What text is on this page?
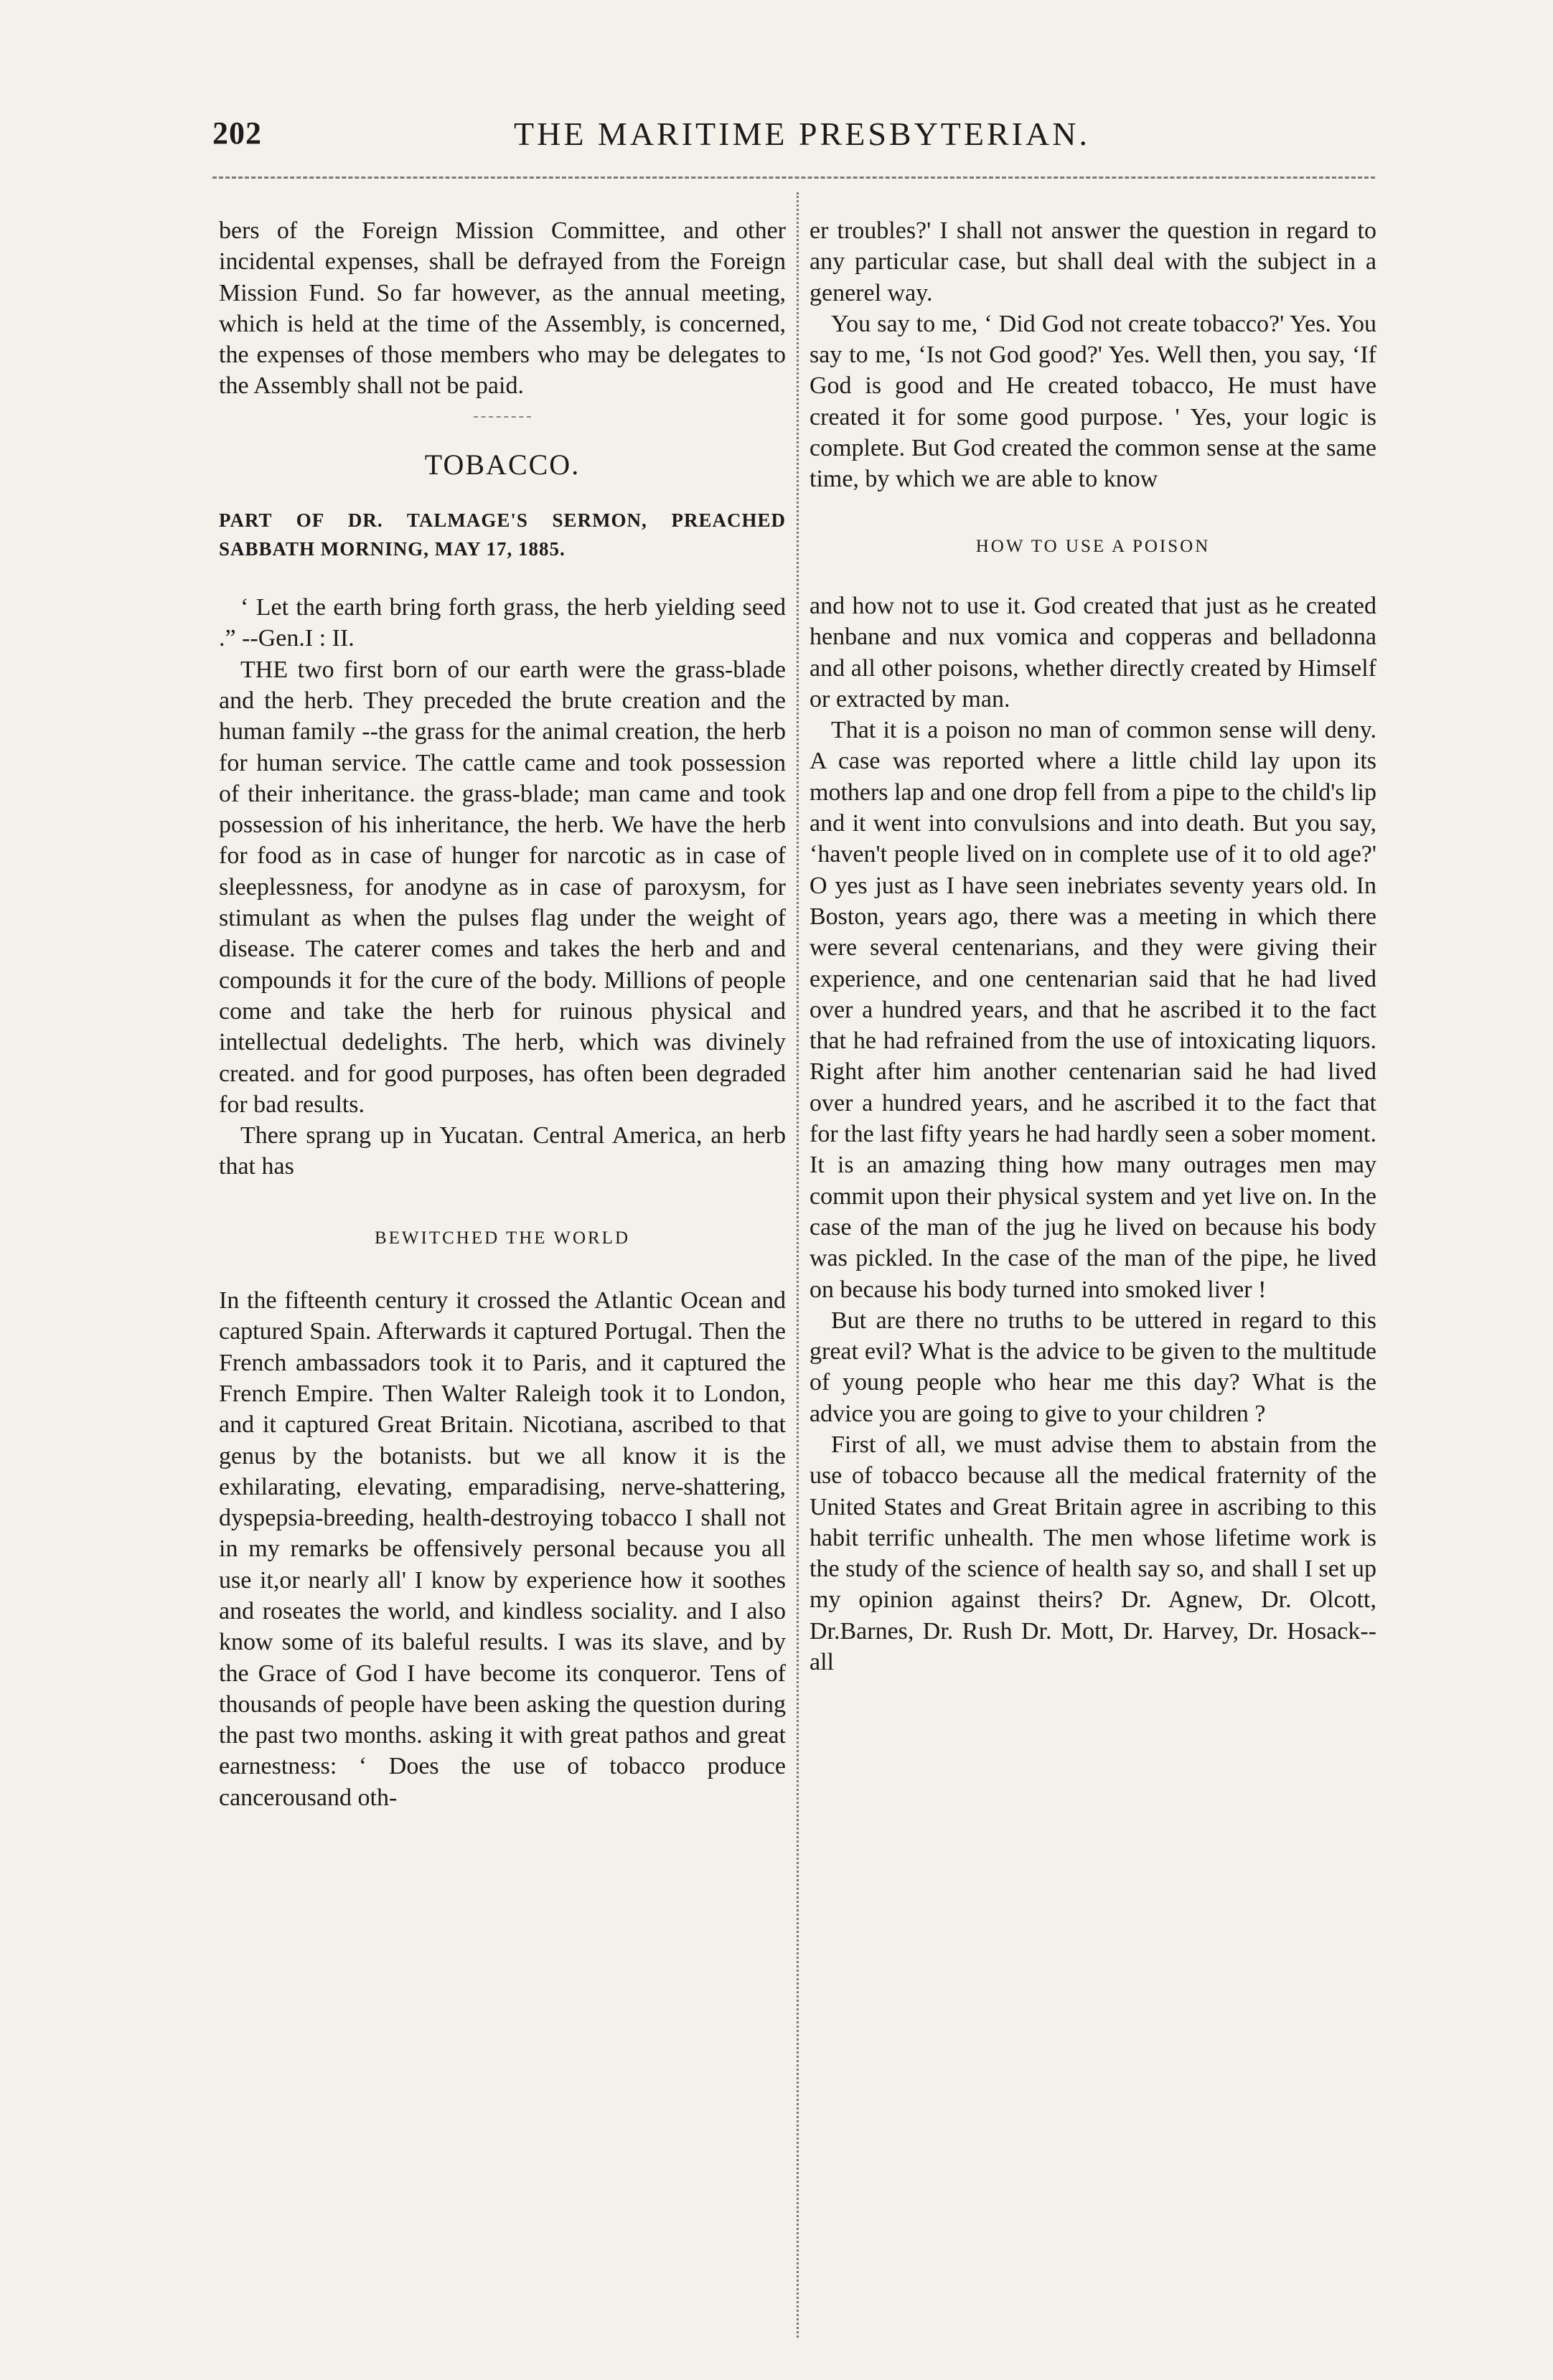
202	THE MARITIME PRESBYTERIAN.

bers of the Foreign Mission Committee, and other incidental expenses, shall be defrayed from the Foreign Mission Fund. So far however, as the annual meeting, which is held at the time of the Assembly, is concerned, the expenses of those members who may be delegates to the Assembly shall not be paid.

TOBACCO.

PART OF DR. TALMAGE'S SERMON, PREACHED SABBATH MORNING, MAY 17, 1885.

‘ Let the earth bring forth grass, the herb yielding seed .” --Gen.I : II.

THE two first born of our earth were the grass-blade and the herb. They preceded the brute creation and the human family --the grass for the animal creation, the herb for human service. The cattle came and took possession of their inheritance. the grass-blade; man came and took possession of his inheritance, the herb. We have the herb for food as in case of hunger for narcotic as in case of sleeplessness, for anodyne as in case of paroxysm, for stimulant as when the pulses flag under the weight of disease. The caterer comes and takes the herb and and compounds it for the cure of the body. Millions of people come and take the herb for ruinous physical and intellectual dedelights. The herb, which was divinely created. and for good purposes, has often been degraded for bad results.

There sprang up in Yucatan. Central America, an herb that has

BEWITCHED THE WORLD

In the fifteenth century it crossed the Atlantic Ocean and captured Spain. Afterwards it captured Portugal. Then the French ambassadors took it to Paris, and it captured the French Empire. Then Walter Raleigh took it to London, and it captured Great Britain. Nicotiana, ascribed to that genus by the botanists. but we all know it is the exhilarating, elevating, emparadising, nerve-shattering, dyspepsia-breeding, health-destroying tobacco I shall not in my remarks be offensively personal because you all use it,or nearly all' I know by experience how it soothes and roseates the world, and kindless sociality. and I also know some of its baleful results. I was its slave, and by the Grace of God I have become its conqueror. Tens of thousands of people have been asking the question during the past two months. asking it with great pathos and great earnestness: ‘ Does the use of tobacco produce cancerousand oth-

er troubles?' I shall not answer the question in regard to any particular case, but shall deal with the subject in a generel way.

You say to me, ‘ Did God not create tobacco?' Yes. You say to me, ‘Is not God good?' Yes. Well then, you say, ‘If God is good and He created tobacco, He must have created it for some good purpose. ' Yes, your logic is complete. But God created the common sense at the same time, by which we are able to know

HOW TO USE A POISON

and how not to use it. God created that just as he created henbane and nux vomica and copperas and belladonna and all other poisons, whether directly created by Himself or extracted by man.

That it is a poison no man of common sense will deny. A case was reported where a little child lay upon its mothers lap and one drop fell from a pipe to the child's lip and it went into convulsions and into death. But you say, ‘haven't people lived on in complete use of it to old age?' O yes just as I have seen inebriates seventy years old. In Boston, years ago, there was a meeting in which there were several centenarians, and they were giving their experience, and one centenarian said that he had lived over a hundred years, and that he ascribed it to the fact that he had refrained from the use of intoxicating liquors. Right after him another centenarian said he had lived over a hundred years, and he ascribed it to the fact that for the last fifty years he had hardly seen a sober moment. It is an amazing thing how many outrages men may commit upon their physical system and yet live on. In the case of the man of the jug he lived on because his body was pickled. In the case of the man of the pipe, he lived on because his body turned into smoked liver !

But are there no truths to be uttered in regard to this great evil? What is the advice to be given to the multitude of young people who hear me this day? What is the advice you are going to give to your children ?

First of all, we must advise them to abstain from the use of tobacco because all the medical fraternity of the United States and Great Britain agree in ascribing to this habit terrific unhealth. The men whose lifetime work is the study of the science of health say so, and shall I set up my opinion against theirs? Dr. Agnew, Dr. Olcott, Dr.Barnes, Dr. Rush Dr. Mott, Dr. Harvey, Dr. Hosack--all
